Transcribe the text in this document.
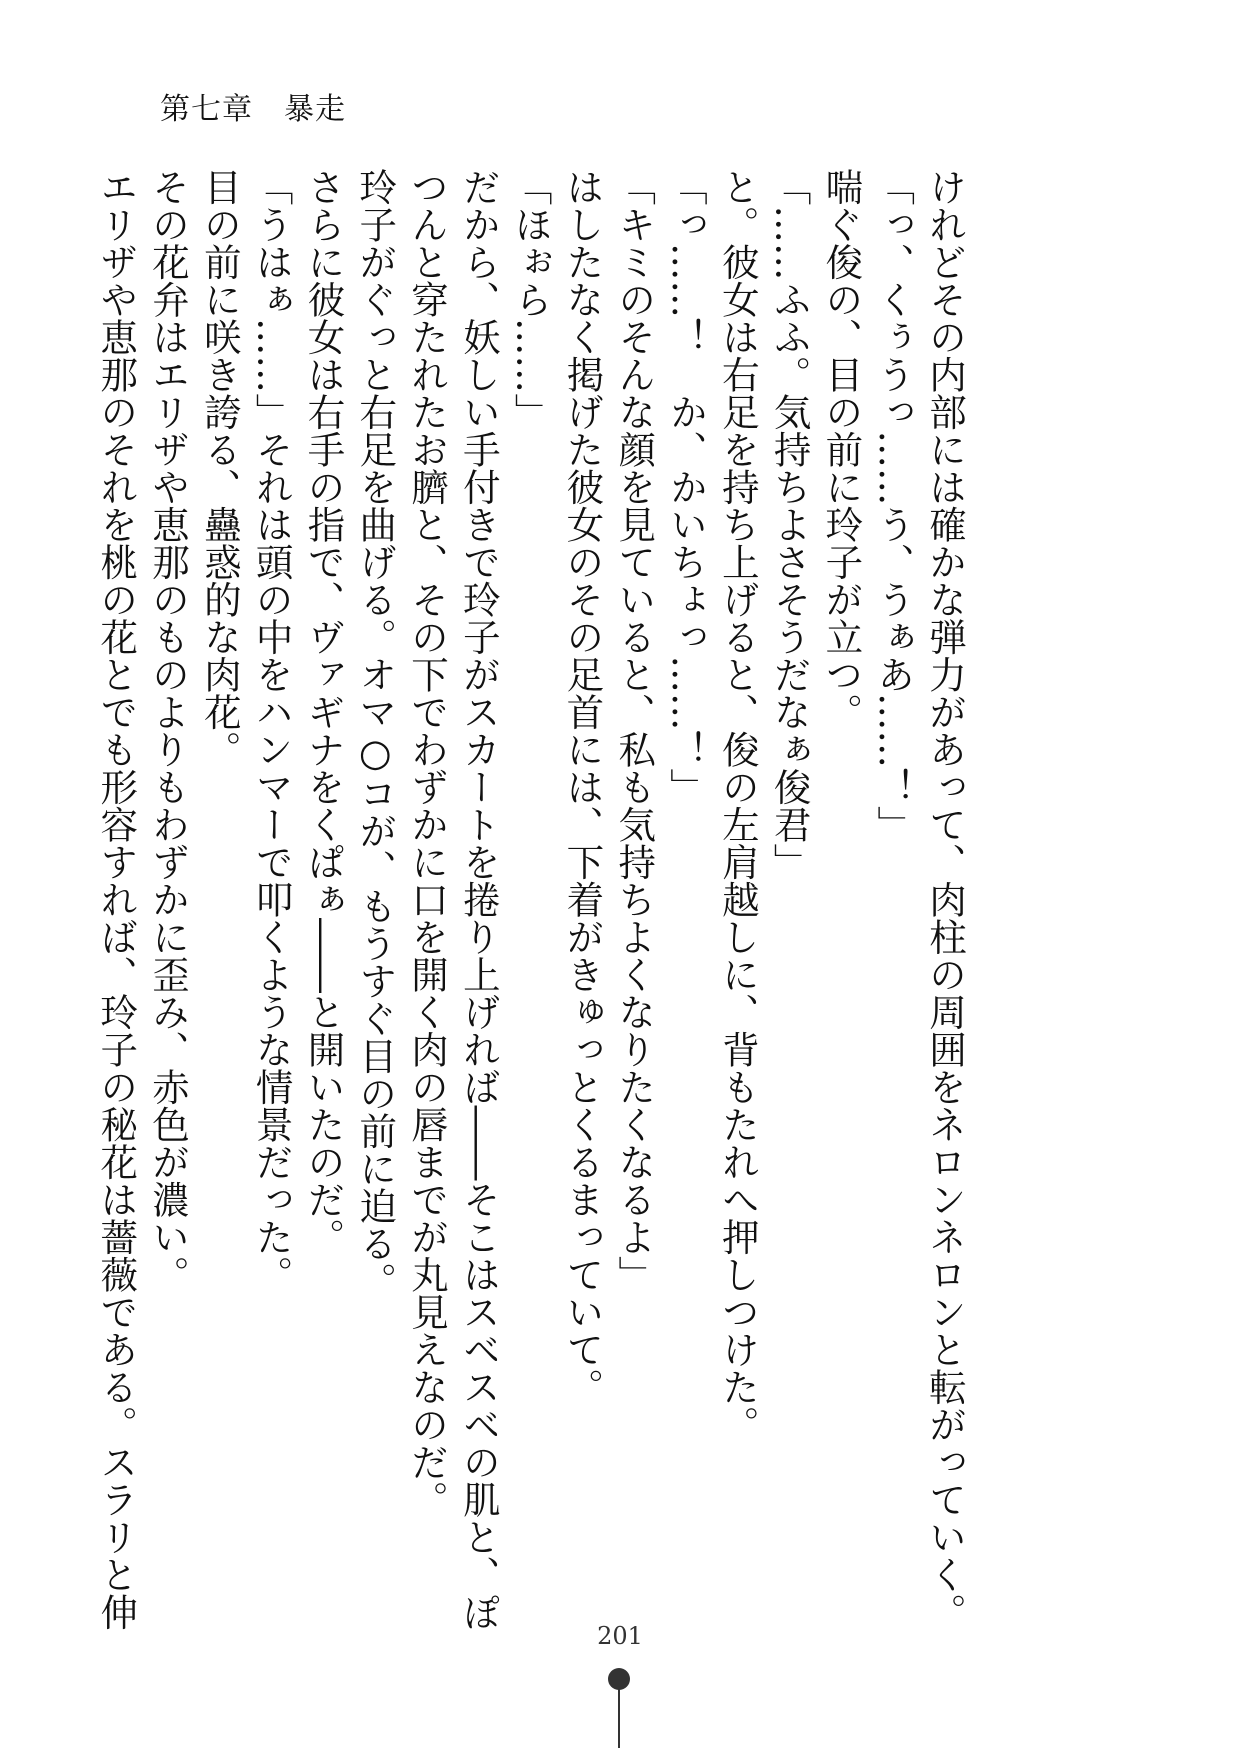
第七章　暴走
けれどその内部には確かな弾力があって、肉柱の周囲をネロンネロンと転がっていく。
「っ、くぅうっ……う、うぁあ……！」
喘ぐ俊の、目の前に玲子が立つ。
「……ふふ。気持ちよさそうだなぁ俊君」
と。彼女は右足を持ち上げると、俊の左肩越しに、背もたれへ押しつけた。
「っ……！　か、かいちょっ……！」
「キミのそんな顔を見ていると、私も気持ちよくなりたくなるよ」
はしたなく掲げた彼女のその足首には、下着がきゅっとくるまっていて。
「ほぉら……」
だから、妖しい手付きで玲子がスカートを捲り上げれば――そこはスベスベの肌と、ぽ
つんと穿たれたお臍と、その下でわずかに口を開く肉の唇までが丸見えなのだ。
玲子がぐっと右足を曲げる。オマ○コが、もうすぐ目の前に迫る。
さらに彼女は右手の指で、ヴァギナをくぱぁ――と開いたのだ。
「うはぁ……」それは頭の中をハンマーで叩くような情景だった。
目の前に咲き誇る、蠱惑的な肉花。
その花弁はエリザや恵那のものよりもわずかに歪み、赤色が濃い。
エリザや恵那のそれを桃の花とでも形容すれば、玲子の秘花は薔薇である。スラリと伸
201
